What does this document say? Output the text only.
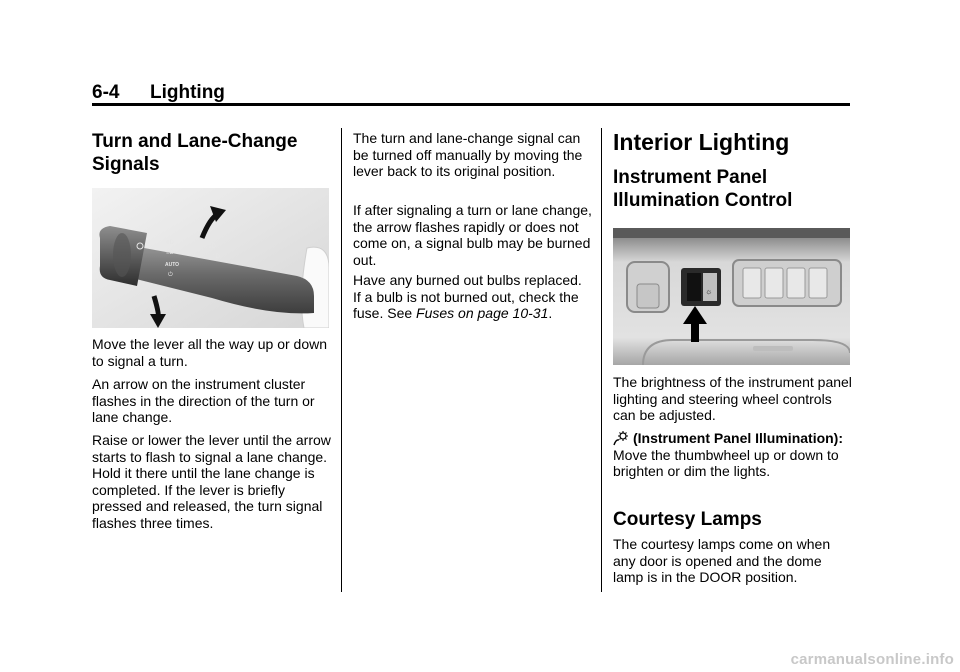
6-4 Lighting
Turn and Lane-Change Signals
≡D
≡D
AUTO
⏻
≡D
≡D

Move the lever all the way up or down to signal a turn.

An arrow on the instrument cluster flashes in the direction of the turn or lane change.

Raise or lower the lever until the arrow starts to flash to signal a lane change. Hold it there until the lane change is completed. If the lever is briefly pressed and released, the turn signal flashes three times.

The turn and lane-change signal can be turned off manually by moving the lever back to its original position.

If after signaling a turn or lane change, the arrow flashes rapidly or does not come on, a signal bulb may be burned out.

Have any burned out bulbs replaced. If a bulb is not burned out, check the fuse. See Fuses on page 10-31.

Interior Lighting
Instrument Panel Illumination Control
☼

The brightness of the instrument panel lighting and steering wheel controls can be adjusted.

(Instrument Panel Illumination): Move the thumbwheel up or down to brighten or dim the lights.

Courtesy Lamps

The courtesy lamps come on when any door is opened and the dome lamp is in the DOOR position.

carmanualsonline.info
